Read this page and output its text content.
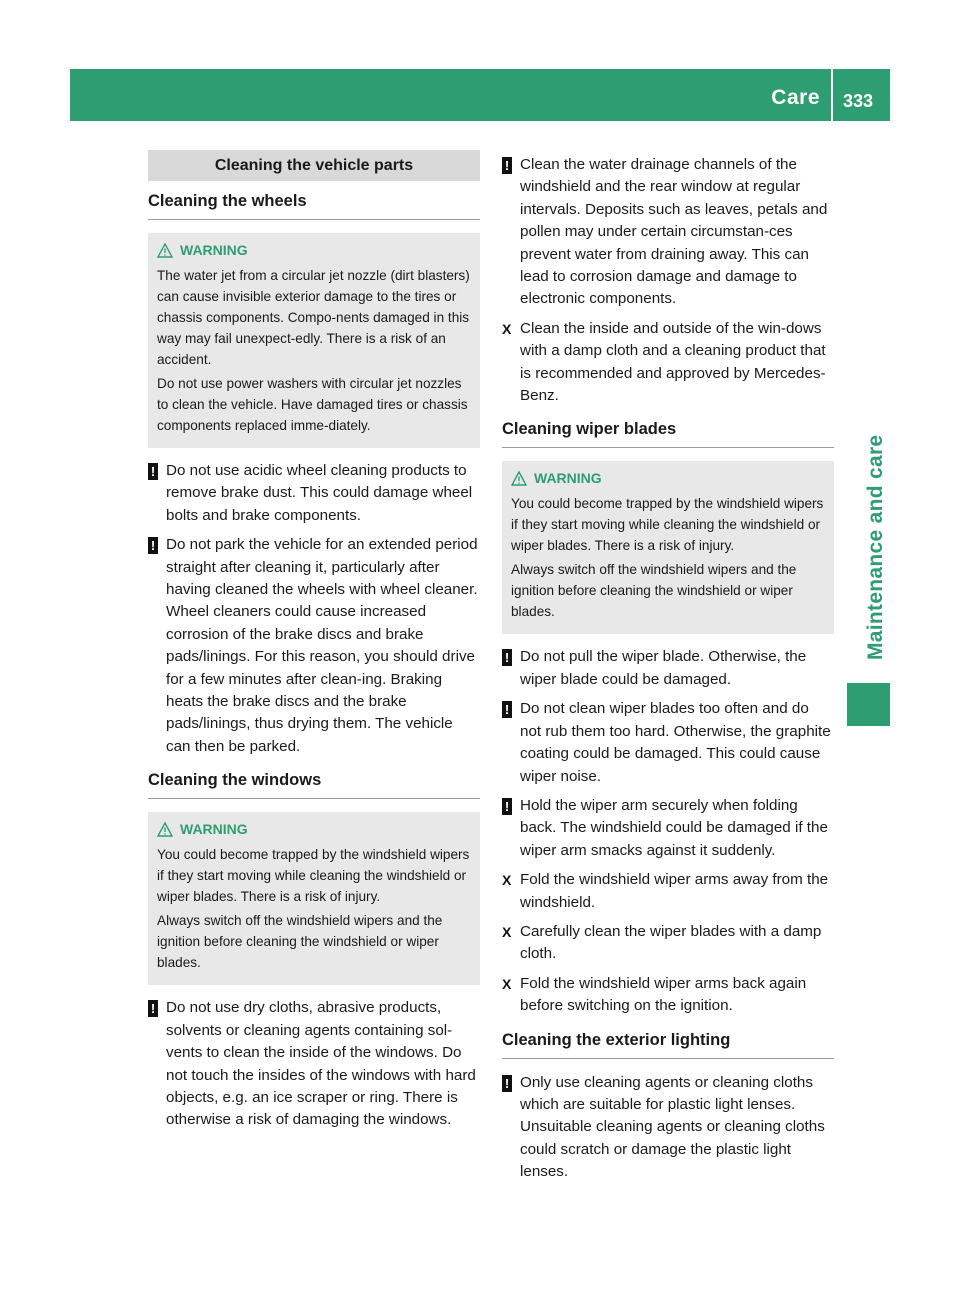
Care 333
Maintenance and care
Cleaning the vehicle parts
Cleaning the wheels
WARNING

The water jet from a circular jet nozzle (dirt blasters) can cause invisible exterior damage to the tires or chassis components. Compo-nents damaged in this way may fail unexpect-edly. There is a risk of an accident.

Do not use power washers with circular jet nozzles to clean the vehicle. Have damaged tires or chassis components replaced imme-diately.

! Do not use acidic wheel cleaning products to remove brake dust. This could damage wheel bolts and brake components.
! Do not park the vehicle for an extended period straight after cleaning it, particularly after having cleaned the wheels with wheel cleaner. Wheel cleaners could cause increased corrosion of the brake discs and brake pads/linings. For this reason, you should drive for a few minutes after clean-ing. Braking heats the brake discs and the brake pads/linings, thus drying them. The vehicle can then be parked.
Cleaning the windows
WARNING

You could become trapped by the windshield wipers if they start moving while cleaning the windshield or wiper blades. There is a risk of injury.

Always switch off the windshield wipers and the ignition before cleaning the windshield or wiper blades.

! Do not use dry cloths, abrasive products, solvents or cleaning agents containing sol-vents to clean the inside of the windows. Do not touch the insides of the windows with hard objects, e.g. an ice scraper or ring. There is otherwise a risk of damaging the windows.
! Clean the water drainage channels of the windshield and the rear window at regular intervals. Deposits such as leaves, petals and pollen may under certain circumstan-ces prevent water from draining away. This can lead to corrosion damage and damage to electronic components.
X Clean the inside and outside of the win-dows with a damp cloth and a cleaning product that is recommended and approved by Mercedes-Benz.
Cleaning wiper blades
WARNING

You could become trapped by the windshield wipers if they start moving while cleaning the windshield or wiper blades. There is a risk of injury.

Always switch off the windshield wipers and the ignition before cleaning the windshield or wiper blades.

! Do not pull the wiper blade. Otherwise, the wiper blade could be damaged.
! Do not clean wiper blades too often and do not rub them too hard. Otherwise, the graphite coating could be damaged. This could cause wiper noise.
! Hold the wiper arm securely when folding back. The windshield could be damaged if the wiper arm smacks against it suddenly.
X Fold the windshield wiper arms away from the windshield.
X Carefully clean the wiper blades with a damp cloth.
X Fold the windshield wiper arms back again before switching on the ignition.
Cleaning the exterior lighting
! Only use cleaning agents or cleaning cloths which are suitable for plastic light lenses. Unsuitable cleaning agents or cleaning cloths could scratch or damage the plastic light lenses.
